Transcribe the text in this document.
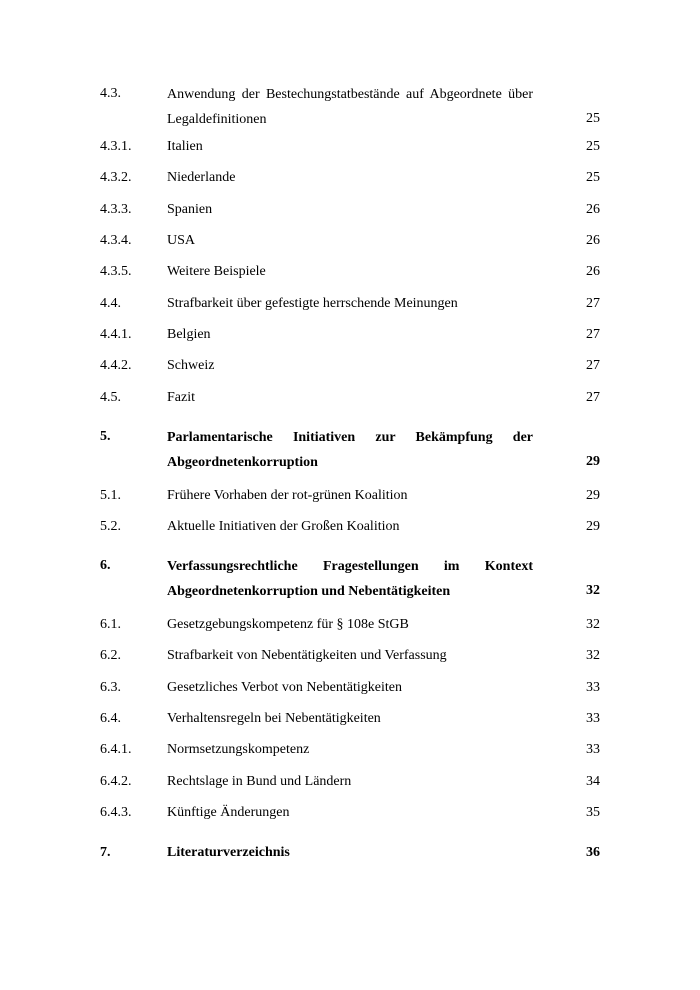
4.3.	Anwendung der Bestechungstatbestände auf Abgeordnete über
Legaldefinitionen	25
4.3.1.	Italien	25
4.3.2.	Niederlande	25
4.3.3.	Spanien	26
4.3.4.	USA	26
4.3.5.	Weitere Beispiele	26
4.4.	Strafbarkeit über gefestigte herrschende Meinungen	27
4.4.1.	Belgien	27
4.4.2.	Schweiz	27
4.5.	Fazit	27
5.	Parlamentarische Initiativen zur Bekämpfung der
Abgeordnetenkorruption	29
5.1.	Frühere Vorhaben der rot-grünen Koalition	29
5.2.	Aktuelle Initiativen der Großen Koalition	29
6.	Verfassungsrechtliche Fragestellungen im Kontext
Abgeordnetenkorruption und Nebentätigkeiten	32
6.1.	Gesetzgebungskompetenz für § 108e StGB	32
6.2.	Strafbarkeit von Nebentätigkeiten und Verfassung	32
6.3.	Gesetzliches Verbot von Nebentätigkeiten	33
6.4.	Verhaltensregeln bei Nebentätigkeiten	33
6.4.1.	Normsetzungskompetenz	33
6.4.2.	Rechtslage in Bund und Ländern	34
6.4.3.	Künftige Änderungen	35
7.	Literaturverzeichnis	36
